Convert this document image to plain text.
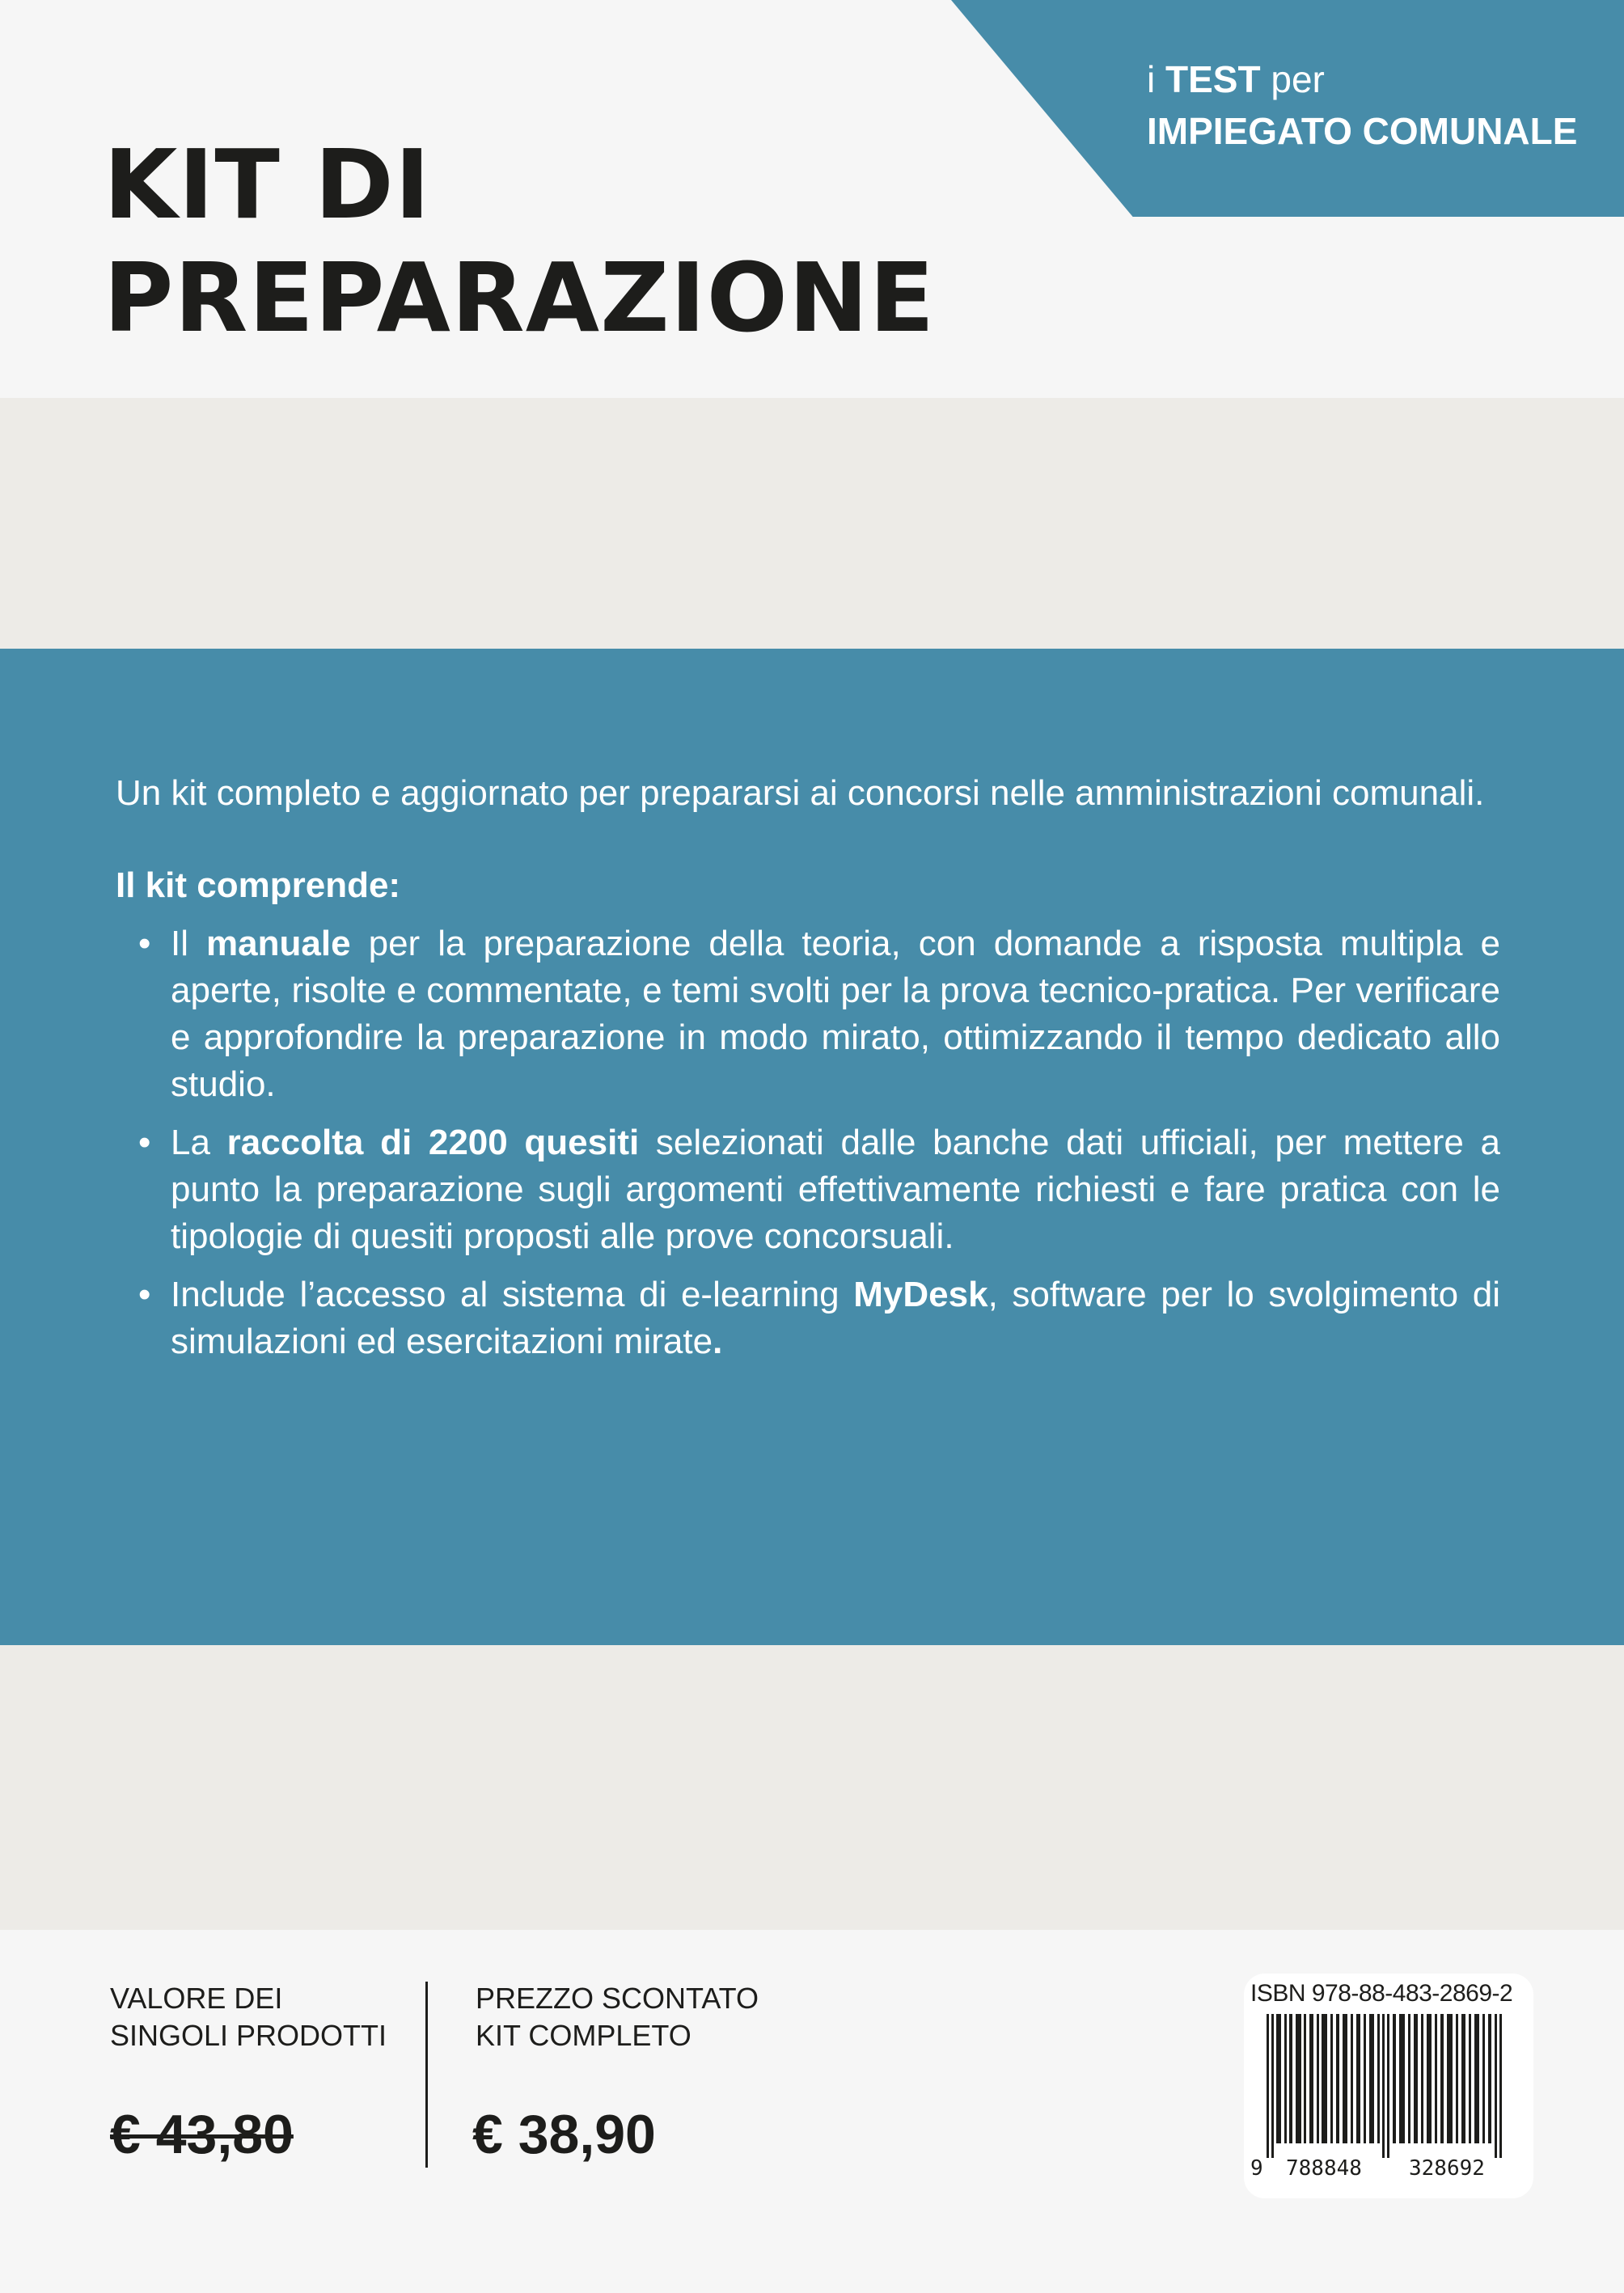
i TEST per
IMPIEGATO COMUNALE
KIT DI
PREPARAZIONE

Un kit completo e aggiornato per prepararsi ai concorsi nelle amministrazioni comunali.

Il kit comprende:

• Il manuale per la preparazione della teoria, con domande a risposta multipla e aperte, risolte e commentate, e temi svolti per la prova tecnico-pratica. Per verificare e approfondire la preparazione in modo mirato, ottimizzando il tempo dedicato allo studio.
• La raccolta di 2200 quesiti selezionati dalle banche dati ufficiali, per mettere a punto la preparazione sugli argomenti effettivamente richiesti e fare pratica con le tipologie di quesiti proposti alle prove concorsuali.
• Include l’accesso al sistema di e-learning MyDesk, software per lo svolgimento di simulazioni ed esercitazioni mirate.
VALORE DEI
SINGOLI PRODOTTI
€ 43,80
PREZZO SCONTATO
KIT COMPLETO
€ 38,90
ISBN 978-88-483-2869-2
9 788848 328692
